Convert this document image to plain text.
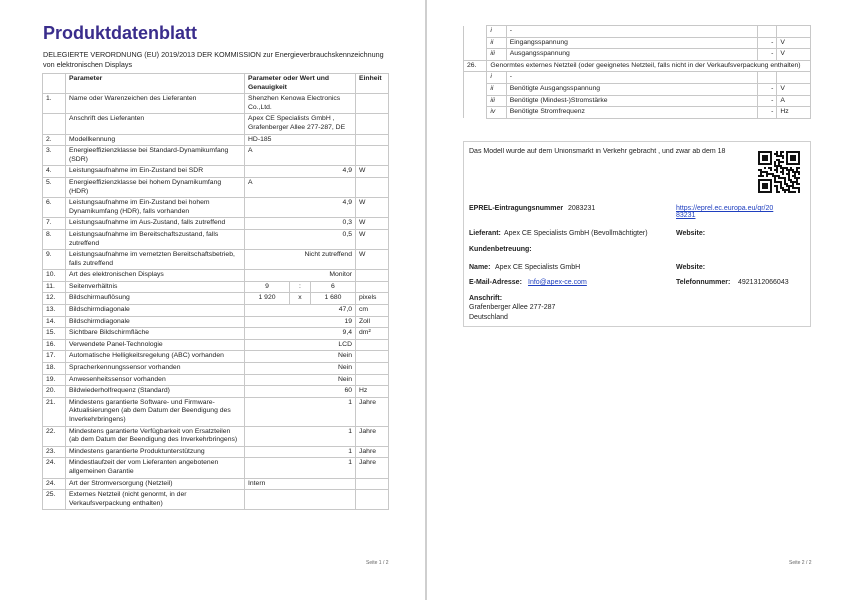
Produktdatenblatt
DELEGIERTE VERORDNUNG (EU) 2019/2013 DER KOMMISSION zur Energieverbrauchskennzeichnung von elektronischen Displays
Seite 1 / 2
	Parameter	Parameter oder Wert und Genauigkeit			Einheit
1.	Name oder Warenzeichen des Lieferanten	Shenzhen Kenowa Electronics Co.,Ltd.			
	Anschrift des Lieferanten	Apex CE Specialists GmbH , Grafenberger Allee 277-287, DE			
2.	Modellkennung	HD-185			
3.	Energieeffizienzklasse bei Standard-Dynamikumfang (SDR)	A			
4.	Leistungsaufnahme im Ein-Zustand bei SDR	4,9			W
5.	Energieeffizienzklasse bei hohem Dynamikumfang (HDR)	A			
6.	Leistungsaufnahme im Ein-Zustand bei hohem Dynamikumfang (HDR), falls vorhanden	4,9			W
7.	Leistungsaufnahme im Aus-Zustand, falls zutreffend	0,3			W
8.	Leistungsaufnahme im Bereitschaftszustand, falls zutreffend	0,5			W
9.	Leistungsaufnahme im vernetzten Bereitschaftsbetrieb, falls zutreffend	Nicht zutreffend			W
10.	Art des elektronischen Displays	Monitor			
11.	Seitenverhältnis	9	:	6	
12.	Bildschirmauflösung	1 920	x	1 680	pixels
13.	Bildschirmdiagonale	47,0			cm
14.	Bildschirmdiagonale	19			Zoll
15.	Sichtbare Bildschirmfläche	9,4			dm²
16.	Verwendete Panel-Technologie	LCD			
17.	Automatische Helligkeitsregelung (ABC) vorhanden	Nein			
18.	Spracherkennungssensor vorhanden	Nein			
19.	Anwesenheitssensor vorhanden	Nein			
20.	Bildwiederholfrequenz (Standard)	60			Hz
21.	Mindestens garantierte Software- und Firmware-Aktualisierungen (ab dem Datum der Beendigung des Inverkehrbringens)	1			Jahre
22.	Mindestens garantierte Verfügbarkeit von Ersatzteilen (ab dem Datum der Beendigung des Inverkehrbringens)	1			Jahre
23.	Mindestens garantierte Produktunterstützung	1			Jahre
24.	Mindestlaufzeit der vom Lieferanten angebotenen allgemeinen Garantie	1			Jahre
24.	Art der Stromversorgung (Netzteil)	Intern			
25.	Externes Netzteil (nicht genormt, in der Verkaufsverpackung enthalten)				
Seite 2 / 2
	i	-		
	ii	Eingangsspannung	-	V
	iii	Ausgangsspannung	-	V
26.	Genormtes externes Netzteil (oder geeignetes Netzteil, falls nicht in der Verkaufsverpackung enthalten)			
	i	-		
	ii	Benötigte Ausgangsspannung	-	V
	iii	Benötigte (Mindest-)Stromstärke	-	A
	iv	Benötigte Stromfrequenz	-	Hz
Das Modell wurde auf dem Unionsmarkt in Verkehr gebracht , und zwar ab dem 18
EPREL-Eintragungsnummer 2083231	https://eprel.ec.europa.eu/qr/20
83231
Lieferant: Apex CE Specialists GmbH (Bevollmächtigter)	Website:
Kundenbetreuung:
Name: Apex CE Specialists GmbH	Website:
E-Mail-Adresse: Info@apex-ce.com	Telefonnummer: 4921312066043
Anschrift:
Grafenberger Allee 277-287
Deutschland
